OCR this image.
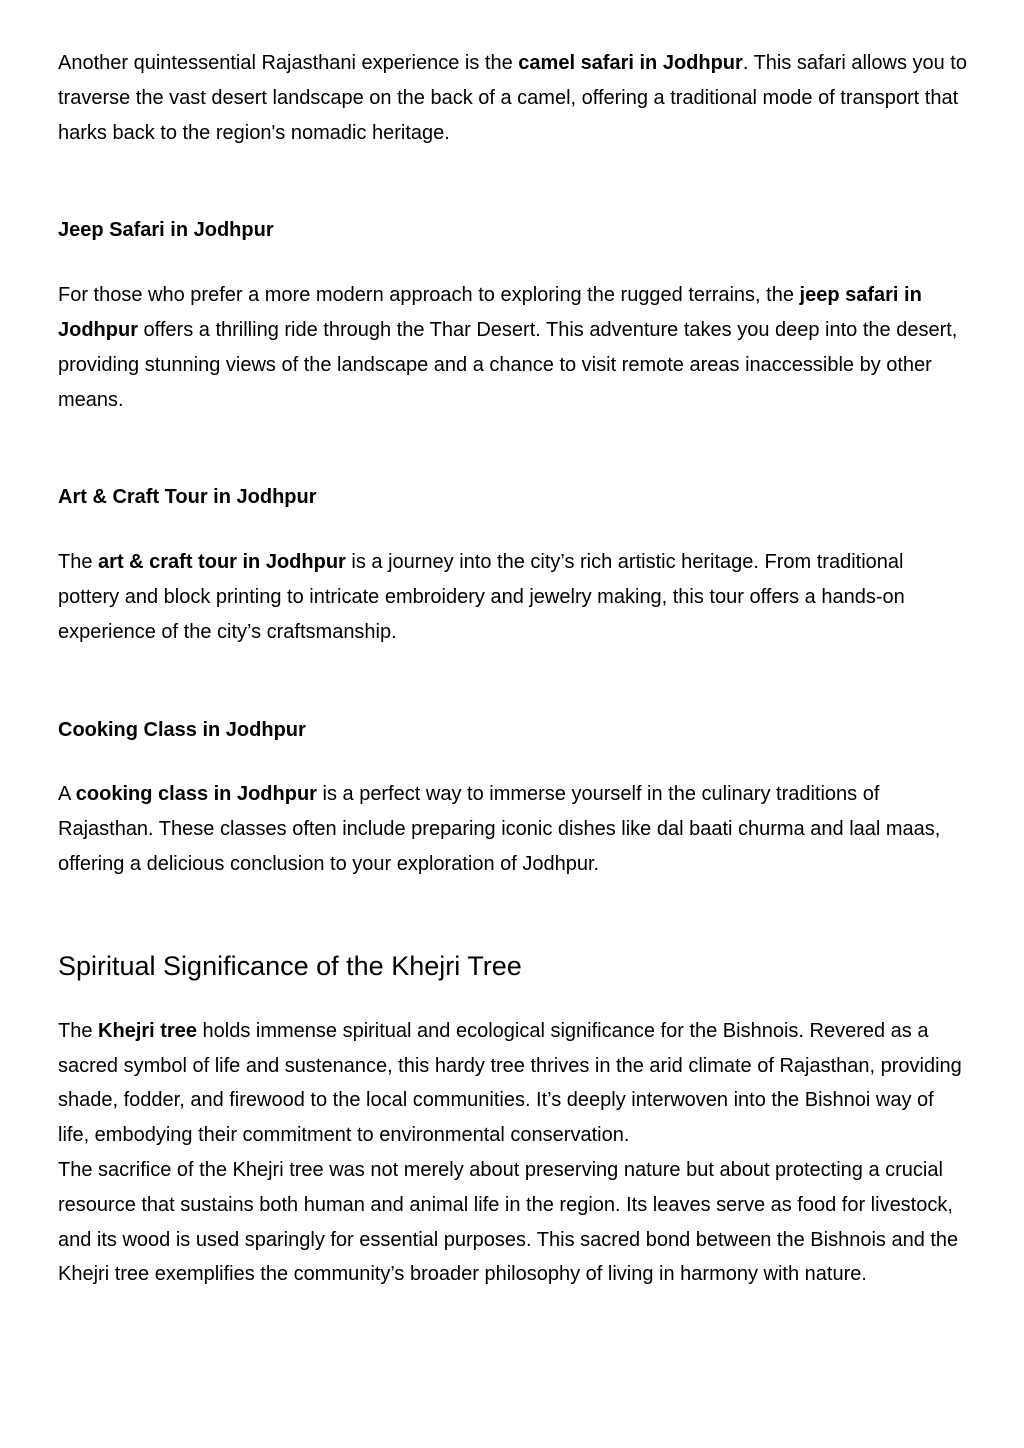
Another quintessential Rajasthani experience is the camel safari in Jodhpur. This safari allows you to traverse the vast desert landscape on the back of a camel, offering a traditional mode of transport that harks back to the region's nomadic heritage.

Jeep Safari in Jodhpur

For those who prefer a more modern approach to exploring the rugged terrains, the jeep safari in Jodhpur offers a thrilling ride through the Thar Desert. This adventure takes you deep into the desert, providing stunning views of the landscape and a chance to visit remote areas inaccessible by other means.

Art & Craft Tour in Jodhpur

The art & craft tour in Jodhpur is a journey into the city’s rich artistic heritage. From traditional pottery and block printing to intricate embroidery and jewelry making, this tour offers a hands-on experience of the city’s craftsmanship.

Cooking Class in Jodhpur

A cooking class in Jodhpur is a perfect way to immerse yourself in the culinary traditions of Rajasthan. These classes often include preparing iconic dishes like dal baati churma and laal maas, offering a delicious conclusion to your exploration of Jodhpur.

Spiritual Significance of the Khejri Tree

The Khejri tree holds immense spiritual and ecological significance for the Bishnois. Revered as a sacred symbol of life and sustenance, this hardy tree thrives in the arid climate of Rajasthan, providing shade, fodder, and firewood to the local communities. It’s deeply interwoven into the Bishnoi way of life, embodying their commitment to environmental conservation.

The sacrifice of the Khejri tree was not merely about preserving nature but about protecting a crucial resource that sustains both human and animal life in the region. Its leaves serve as food for livestock, and its wood is used sparingly for essential purposes. This sacred bond between the Bishnois and the Khejri tree exemplifies the community’s broader philosophy of living in harmony with nature.
